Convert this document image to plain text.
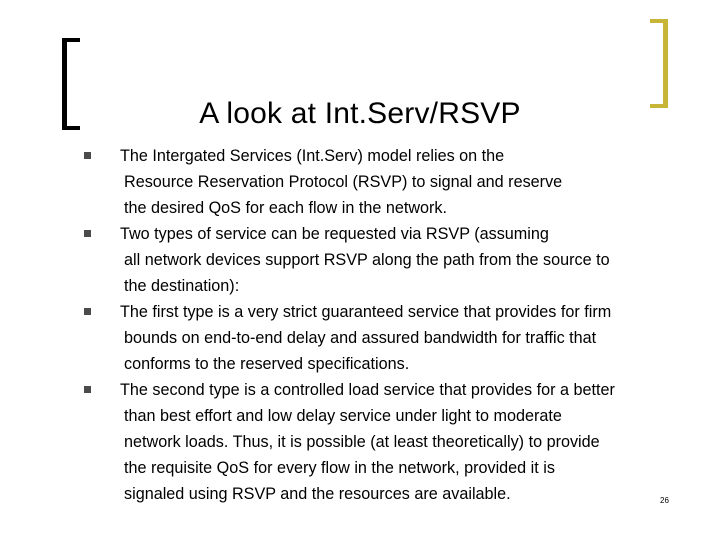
A look at Int.Serv/RSVP
The Intergated Services (Int.Serv) model relies on the
Resource Reservation Protocol (RSVP) to signal and reserve
the desired QoS for each flow in the network.
Two types of service can be requested via RSVP (assuming
all network devices support RSVP along the path from the source to
the destination):
The first type is a very strict guaranteed service that provides for firm
bounds on end-to-end delay and assured bandwidth for traffic that
conforms to the reserved specifications.
The second type is a controlled load service that provides for a better
than best effort and low delay service under light to moderate
network loads. Thus, it is possible (at least theoretically) to provide
the requisite QoS for every flow in the network, provided it is
signaled using RSVP and the resources are available.	26
